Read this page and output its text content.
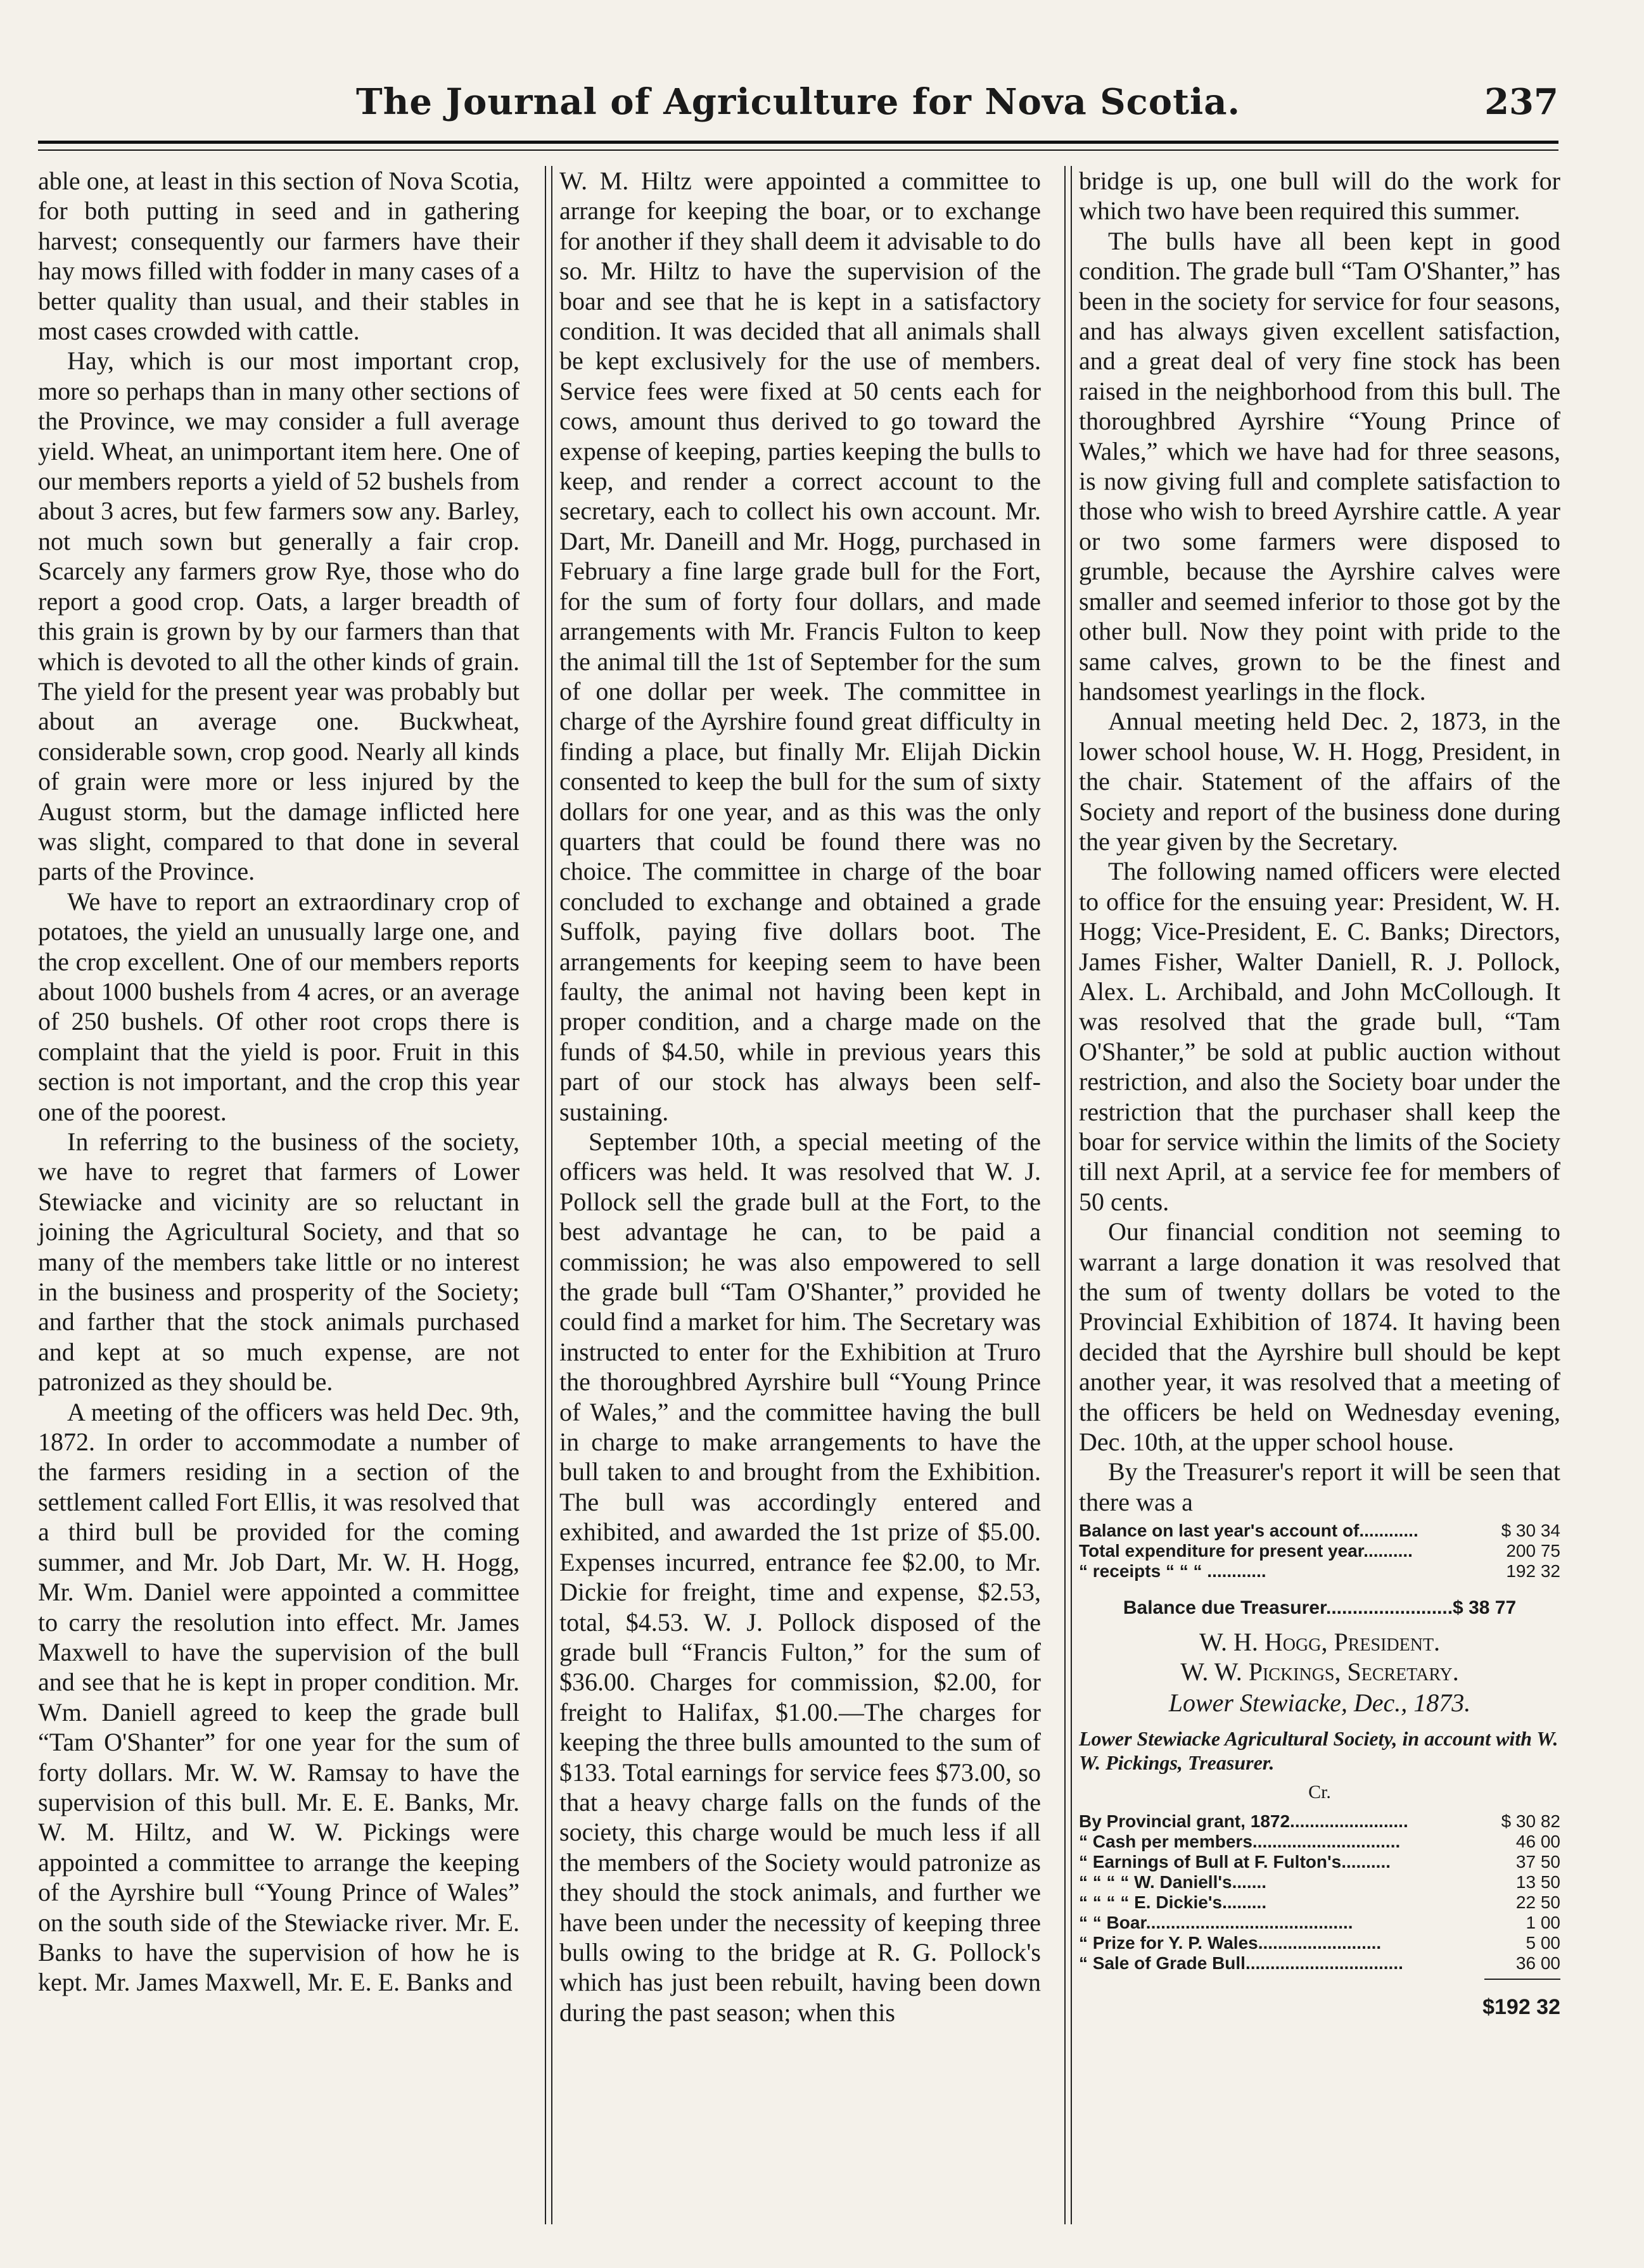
The Journal of Agriculture for Nova Scotia.	237

able one, at least in this section of Nova Scotia, for both putting in seed and in gathering harvest; consequently our farmers have their hay mows filled with fodder in many cases of a better quality than usual, and their stables in most cases crowded with cattle.

Hay, which is our most important crop, more so perhaps than in many other sections of the Province, we may consider a full average yield. Wheat, an unimportant item here. One of our members reports a yield of 52 bushels from about 3 acres, but few farmers sow any. Barley, not much sown but generally a fair crop. Scarcely any farmers grow Rye, those who do report a good crop. Oats, a larger breadth of this grain is grown by by our farmers than that which is devoted to all the other kinds of grain. The yield for the present year was probably but about an average one. Buckwheat, considerable sown, crop good. Nearly all kinds of grain were more or less injured by the August storm, but the damage inflicted here was slight, compared to that done in several parts of the Province.

We have to report an extraordinary crop of potatoes, the yield an unusually large one, and the crop excellent. One of our members reports about 1000 bushels from 4 acres, or an average of 250 bushels. Of other root crops there is complaint that the yield is poor. Fruit in this section is not important, and the crop this year one of the poorest.

In referring to the business of the society, we have to regret that farmers of Lower Stewiacke and vicinity are so reluctant in joining the Agricultural Society, and that so many of the members take little or no interest in the business and prosperity of the Society; and farther that the stock animals purchased and kept at so much expense, are not patronized as they should be.

A meeting of the officers was held Dec. 9th, 1872. In order to accommodate a number of the farmers residing in a section of the settlement called Fort Ellis, it was resolved that a third bull be provided for the coming summer, and Mr. Job Dart, Mr. W. H. Hogg, Mr. Wm. Daniel were appointed a committee to carry the resolution into effect. Mr. James Maxwell to have the supervision of the bull and see that he is kept in proper condition. Mr. Wm. Daniell agreed to keep the grade bull “Tam O'Shanter” for one year for the sum of forty dollars. Mr. W. W. Ramsay to have the supervision of this bull. Mr. E. E. Banks, Mr. W. M. Hiltz, and W. W. Pickings were appointed a committee to arrange the keeping of the Ayrshire bull “Young Prince of Wales” on the south side of the Stewiacke river. Mr. E. Banks to have the supervision of how he is kept. Mr. James Maxwell, Mr. E. E. Banks and

W. M. Hiltz were appointed a committee to arrange for keeping the boar, or to exchange for another if they shall deem it advisable to do so. Mr. Hiltz to have the supervision of the boar and see that he is kept in a satisfactory condition. It was decided that all animals shall be kept exclusively for the use of members. Service fees were fixed at 50 cents each for cows, amount thus derived to go toward the expense of keeping, parties keeping the bulls to keep, and render a correct account to the secretary, each to collect his own account. Mr. Dart, Mr. Daneill and Mr. Hogg, purchased in February a fine large grade bull for the Fort, for the sum of forty four dollars, and made arrangements with Mr. Francis Fulton to keep the animal till the 1st of September for the sum of one dollar per week. The committee in charge of the Ayrshire found great difficulty in finding a place, but finally Mr. Elijah Dickin consented to keep the bull for the sum of sixty dollars for one year, and as this was the only quarters that could be found there was no choice. The committee in charge of the boar concluded to exchange and obtained a grade Suffolk, paying five dollars boot. The arrangements for keeping seem to have been faulty, the animal not having been kept in proper condition, and a charge made on the funds of $4.50, while in previous years this part of our stock has always been self-sustaining.

September 10th, a special meeting of the officers was held. It was resolved that W. J. Pollock sell the grade bull at the Fort, to the best advantage he can, to be paid a commission; he was also empowered to sell the grade bull “Tam O'Shanter,” provided he could find a market for him. The Secretary was instructed to enter for the Exhibition at Truro the thoroughbred Ayrshire bull “Young Prince of Wales,” and the committee having the bull in charge to make arrangements to have the bull taken to and brought from the Exhibition. The bull was accordingly entered and exhibited, and awarded the 1st prize of $5.00. Expenses incurred, entrance fee $2.00, to Mr. Dickie for freight, time and expense, $2.53, total, $4.53. W. J. Pollock disposed of the grade bull “Francis Fulton,” for the sum of $36.00. Charges for commission, $2.00, for freight to Halifax, $1.00.—The charges for keeping the three bulls amounted to the sum of $133. Total earnings for service fees $73.00, so that a heavy charge falls on the funds of the society, this charge would be much less if all the members of the Society would patronize as they should the stock animals, and further we have been under the necessity of keeping three bulls owing to the bridge at R. G. Pollock's which has just been rebuilt, having been down during the past season; when this

bridge is up, one bull will do the work for which two have been required this summer.

The bulls have all been kept in good condition. The grade bull “Tam O'Shanter,” has been in the society for service for four seasons, and has always given excellent satisfaction, and a great deal of very fine stock has been raised in the neighborhood from this bull. The thoroughbred Ayrshire “Young Prince of Wales,” which we have had for three seasons, is now giving full and complete satisfaction to those who wish to breed Ayrshire cattle. A year or two some farmers were disposed to grumble, because the Ayrshire calves were smaller and seemed inferior to those got by the other bull. Now they point with pride to the same calves, grown to be the finest and handsomest yearlings in the flock.

Annual meeting held Dec. 2, 1873, in the lower school house, W. H. Hogg, President, in the chair. Statement of the affairs of the Society and report of the business done during the year given by the Secretary.

The following named officers were elected to office for the ensuing year: President, W. H. Hogg; Vice-President, E. C. Banks; Directors, James Fisher, Walter Daniell, R. J. Pollock, Alex. L. Archibald, and John McCollough. It was resolved that the grade bull, “Tam O'Shanter,” be sold at public auction without restriction, and also the Society boar under the restriction that the purchaser shall keep the boar for service within the limits of the Society till next April, at a service fee for members of 50 cents.

Our financial condition not seeming to warrant a large donation it was resolved that the sum of twenty dollars be voted to the Provincial Exhibition of 1874. It having been decided that the Ayrshire bull should be kept another year, it was resolved that a meeting of the officers be held on Wednesday evening, Dec. 10th, at the upper school house.

By the Treasurer's report it will be seen that there was a

Balance on last year's account of............	$ 30 34
Total expenditure for present year..........	200 75
“ receipts “ “ “ ............	192 32
Balance due Treasurer........................$ 38 77
W. H. Hogg, President.
W. W. Pickings, Secretary.
Lower Stewiacke, Dec., 1873.
Lower Stewiacke Agricultural Society, in account with W. W. Pickings, Treasurer.
Cr.
By Provincial grant, 1872........................	$ 30 82
“ Cash per members..............................	46 00
“ Earnings of Bull at F. Fulton's..........	37 50
“ “ “ “ W. Daniell's.......	13 50
“ “ “ “ E. Dickie's.........	22 50
“ “ Boar..........................................	1 00
“ Prize for Y. P. Wales.........................	5 00
“ Sale of Grade Bull................................	36 00
$192 32
